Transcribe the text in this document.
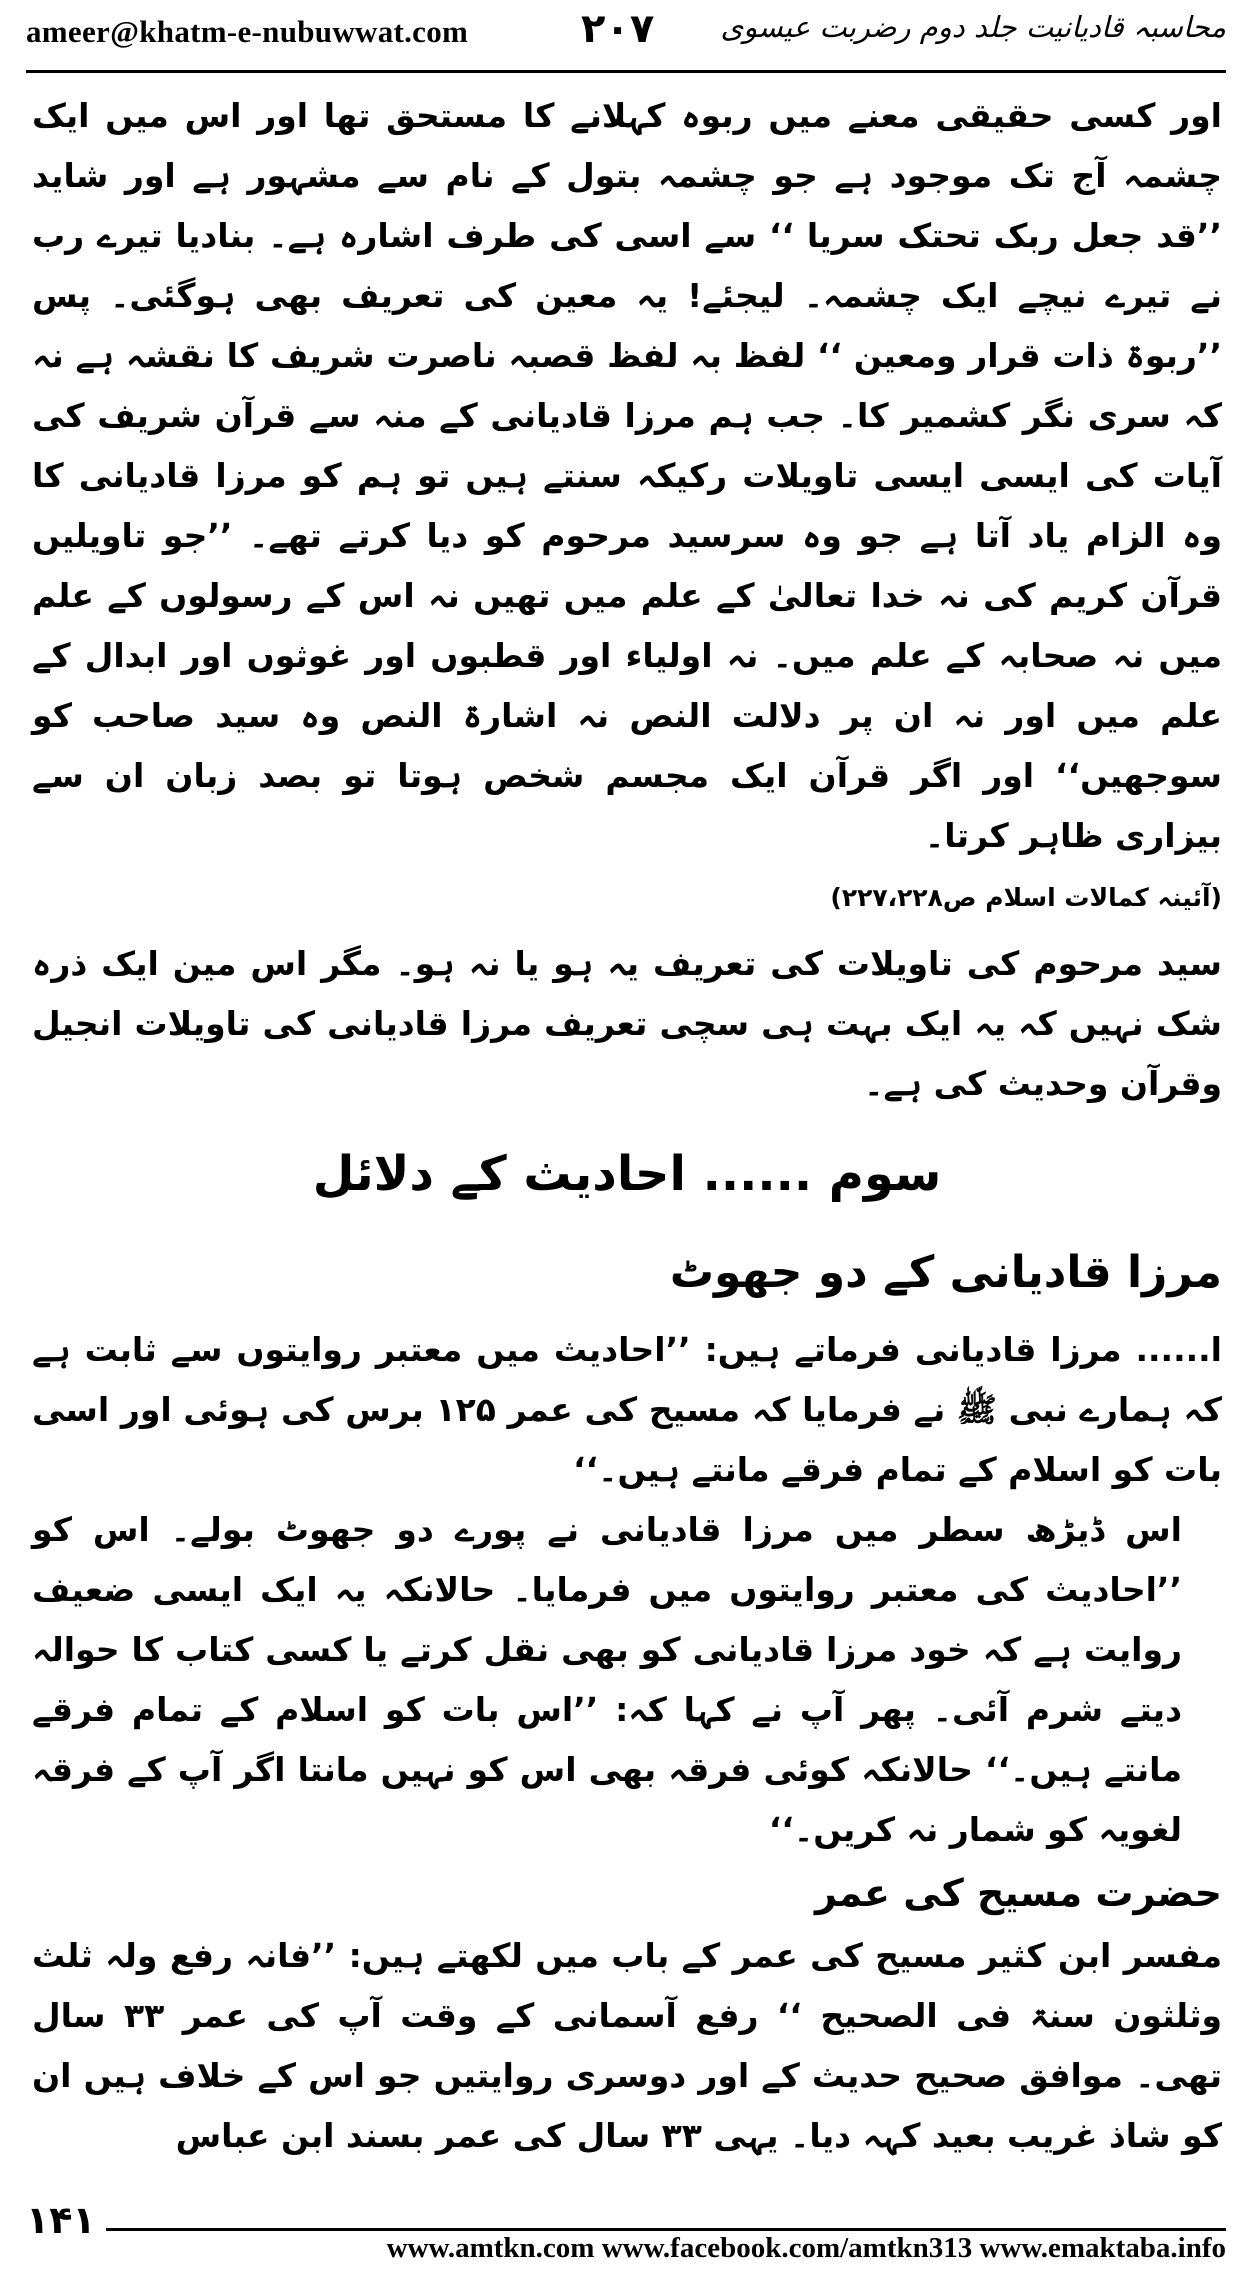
ameer@khatm-e-nubuwwat.com	۲۰۷ محاسبہ قادیانیت جلد دوم رضربت عیسوی

اور کسی حقیقی معنے میں ربوہ کہلانے کا مستحق تھا اور اس میں ایک چشمہ آج تک موجود ہے جو چشمہ بتول کے نام سے مشہور ہے اور شاید ’’قد جعل ربک تحتک سریا ‘‘ سے اسی کی طرف اشارہ ہے۔ بنادیا تیرے رب نے تیرے نیچے ایک چشمہ۔ لیجئے! یہ معین کی تعریف بھی ہوگئی۔ پس ’’ربوۃ ذات قرار ومعین ‘‘ لفظ بہ لفظ قصبہ ناصرت شریف کا نقشہ ہے نہ کہ سری نگر کشمیر کا۔ جب ہم مرزا قادیانی کے منہ سے قرآن شریف کی آیات کی ایسی ایسی تاویلات رکیکہ سنتے ہیں تو ہم کو مرزا قادیانی کا وہ الزام یاد آتا ہے جو وہ سرسید مرحوم کو دیا کرتے تھے۔ ’’جو تاویلیں قرآن کریم کی نہ خدا تعالیٰ کے علم میں تھیں نہ اس کے رسولوں کے علم میں نہ صحابہ کے علم میں۔ نہ اولیاء اور قطبوں اور غوثوں اور ابدال کے علم میں اور نہ ان پر دلالت النص نہ اشارۃ النص وہ سید صاحب کو سوجھیں‘‘ اور اگر قرآن ایک مجسم شخص ہوتا تو بصد زبان ان سے بیزاری ظاہر کرتا۔

(آئینہ کمالات اسلام ص۲۲۷،۲۲۸)

سید مرحوم کی تاویلات کی تعریف یہ ہو یا نہ ہو۔ مگر اس مین ایک ذرہ شک نہیں کہ یہ ایک بہت ہی سچی تعریف مرزا قادیانی کی تاویلات انجیل وقرآن وحدیث کی ہے۔

سوم ...... احادیث کے دلائل

مرزا قادیانی کے دو جھوٹ

ا...... مرزا قادیانی فرماتے ہیں: ’’احادیث میں معتبر روایتوں سے ثابت ہے کہ ہمارے نبی ﷺ نے فرمایا کہ مسیح کی عمر ۱۲۵ برس کی ہوئی اور اسی بات کو اسلام کے تمام فرقے مانتے ہیں۔‘‘

اس ڈیڑھ سطر میں مرزا قادیانی نے پورے دو جھوٹ بولے۔ اس کو ’’احادیث کی معتبر روایتوں میں فرمایا۔ حالانکہ یہ ایک ایسی ضعیف روایت ہے کہ خود مرزا قادیانی کو بھی نقل کرتے یا کسی کتاب کا حوالہ دیتے شرم آئی۔ پھر آپ نے کہا کہ: ’’اس بات کو اسلام کے تمام فرقے مانتے ہیں۔‘‘ حالانکہ کوئی فرقہ بھی اس کو نہیں مانتا اگر آپ کے فرقہ لغویہ کو شمار نہ کریں۔‘‘

حضرت مسیح کی عمر

مفسر ابن کثیر مسیح کی عمر کے باب میں لکھتے ہیں: ’’فانہ رفع ولہ ثلث وثلثون سنۃ فی الصحیح ‘‘ رفع آسمانی کے وقت آپ کی عمر ۳۳ سال تھی۔ موافق صحیح حدیث کے اور دوسری روایتیں جو اس کے خلاف ہیں ان کو شاذ غریب بعید کہہ دیا۔ یہی ۳۳ سال کی عمر بسند ابن عباس

۱۴۱
www.amtkn.com www.facebook.com/amtkn313 www.emaktaba.info
